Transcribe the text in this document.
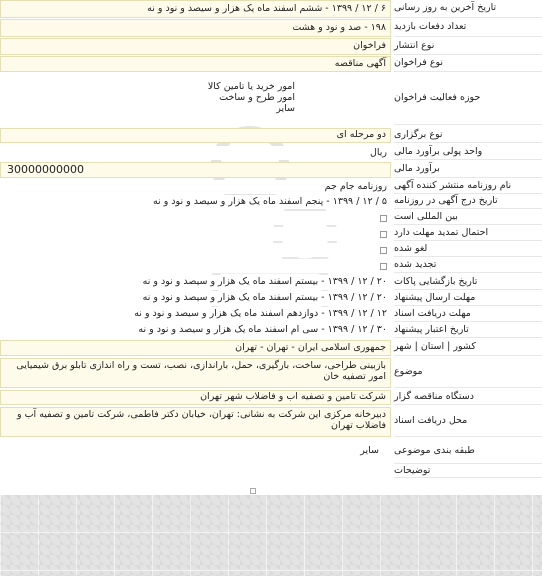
۶ / ۱۲ / ۱۳۹۹ - ششم اسفند ماه یک هزار و سیصد و نود و نه تاریخ آخرین به روز رسانی
۱۹۸ - صد و نود و هشت تعداد دفعات بازدید
فراخوان نوع انتشار
آگهی مناقصه نوع فراخوان
امور خرید یا تامین کالا
امور طرح و ساخت
سایر
حوزه فعالیت فراخوان
دو مرحله ای نوع برگزاری
ریال واحد پولی برآورد مالی
30000000000	برآورد مالی
روزنامه جام جم نام روزنامه منتشر کننده آگهی
۵ / ۱۲ / ۱۳۹۹ - پنجم اسفند ماه یک هزار و سیصد و نود و نه تاریخ درج آگهی در روزنامه
بین المللی است
احتمال تمدید مهلت دارد
لغو شده
تجدید شده
۲۰ / ۱۲ / ۱۳۹۹ - بیستم اسفند ماه یک هزار و سیصد و نود و نه تاریخ بازگشایی پاکات
۲۰ / ۱۲ / ۱۳۹۹ - بیستم اسفند ماه یک هزار و سیصد و نود و نه مهلت ارسال پیشنهاد
۱۲ / ۱۲ / ۱۳۹۹ - دوازدهم اسفند ماه یک هزار و سیصد و نود و نه مهلت دریافت اسناد
۳۰ / ۱۲ / ۱۳۹۹ - سی ام اسفند ماه یک هزار و سیصد و نود و نه تاریخ اعتبار پیشنهاد
جمهوری اسلامی ایران - تهران - تهران کشور | استان | شهر
بازبینی طراحی، ساخت، بارگیری، حمل، باراندازی، نصب، تست و راه اندازی تابلو برق شیمیایی امور تصفیه خان موضوع
شرکت تامین و تصفیه آب و فاضلاب شهر تهران دستگاه مناقصه گزار
دبیرخانه مرکزی این شرکت به نشانی: تهران، خیابان دکتر فاطمی، شرکت تامین و تصفیه آب و فاضلاب تهران محل دریافت اسناد
سایر	طبقه بندی موضوعی
توضیحات
